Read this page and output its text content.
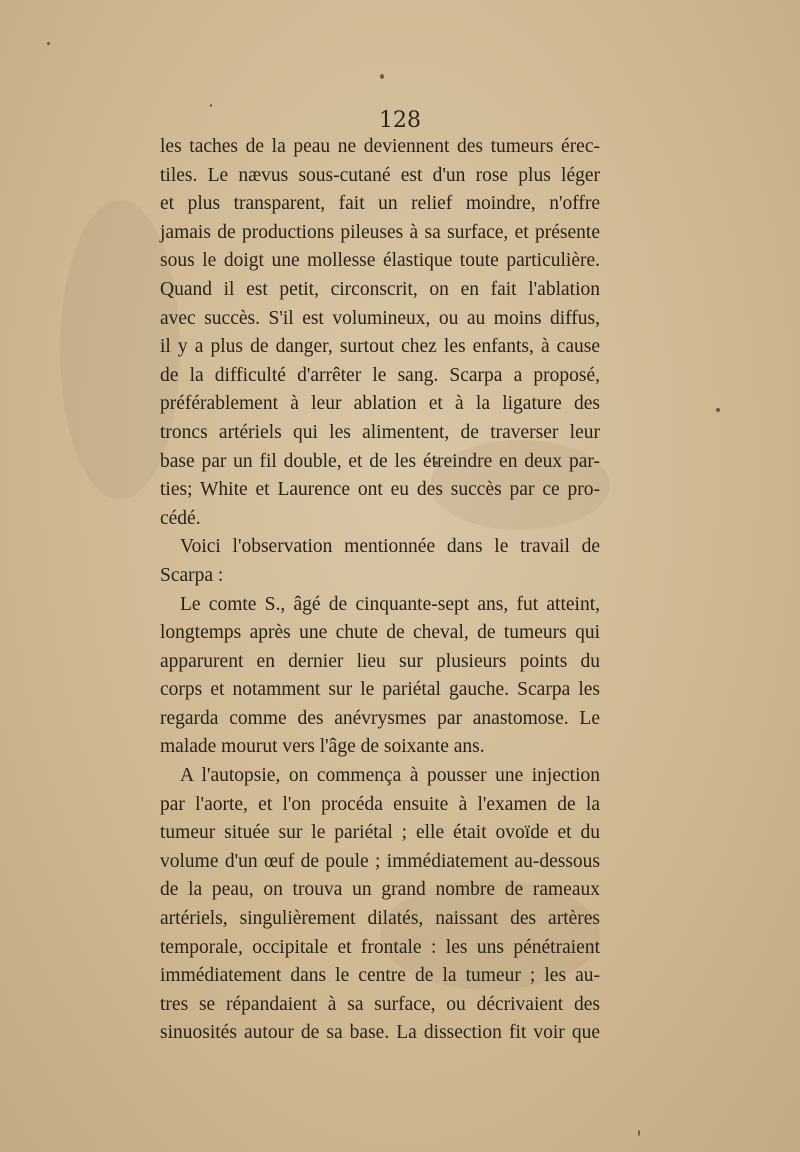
128
les taches de la peau ne deviennent des tumeurs érec-
tiles. Le nævus sous-cutané est d'un rose plus léger
et plus transparent, fait un relief moindre, n'offre
jamais de productions pileuses à sa surface, et présente
sous le doigt une mollesse élastique toute particulière.
Quand il est petit, circonscrit, on en fait l'ablation
avec succès. S'il est volumineux, ou au moins diffus,
il y a plus de danger, surtout chez les enfants, à cause
de la difficulté d'arrêter le sang. Scarpa a proposé,
préférablement à leur ablation et à la ligature des
troncs artériels qui les alimentent, de traverser leur
base par un fil double, et de les étreindre en deux par-
ties; White et Laurence ont eu des succès par ce pro-
cédé.
Voici l'observation mentionnée dans le travail de
Scarpa :
Le comte S., âgé de cinquante-sept ans, fut atteint,
longtemps après une chute de cheval, de tumeurs qui
apparurent en dernier lieu sur plusieurs points du
corps et notamment sur le pariétal gauche. Scarpa les
regarda comme des anévrysmes par anastomose. Le
malade mourut vers l'âge de soixante ans.
A l'autopsie, on commença à pousser une injection
par l'aorte, et l'on procéda ensuite à l'examen de la
tumeur située sur le pariétal ; elle était ovoïde et du
volume d'un œuf de poule ; immédiatement au-dessous
de la peau, on trouva un grand nombre de rameaux
artériels, singulièrement dilatés, naissant des artères
temporale, occipitale et frontale : les uns pénétraient
immédiatement dans le centre de la tumeur ; les au-
tres se répandaient à sa surface, ou décrivaient des
sinuosités autour de sa base. La dissection fit voir que
